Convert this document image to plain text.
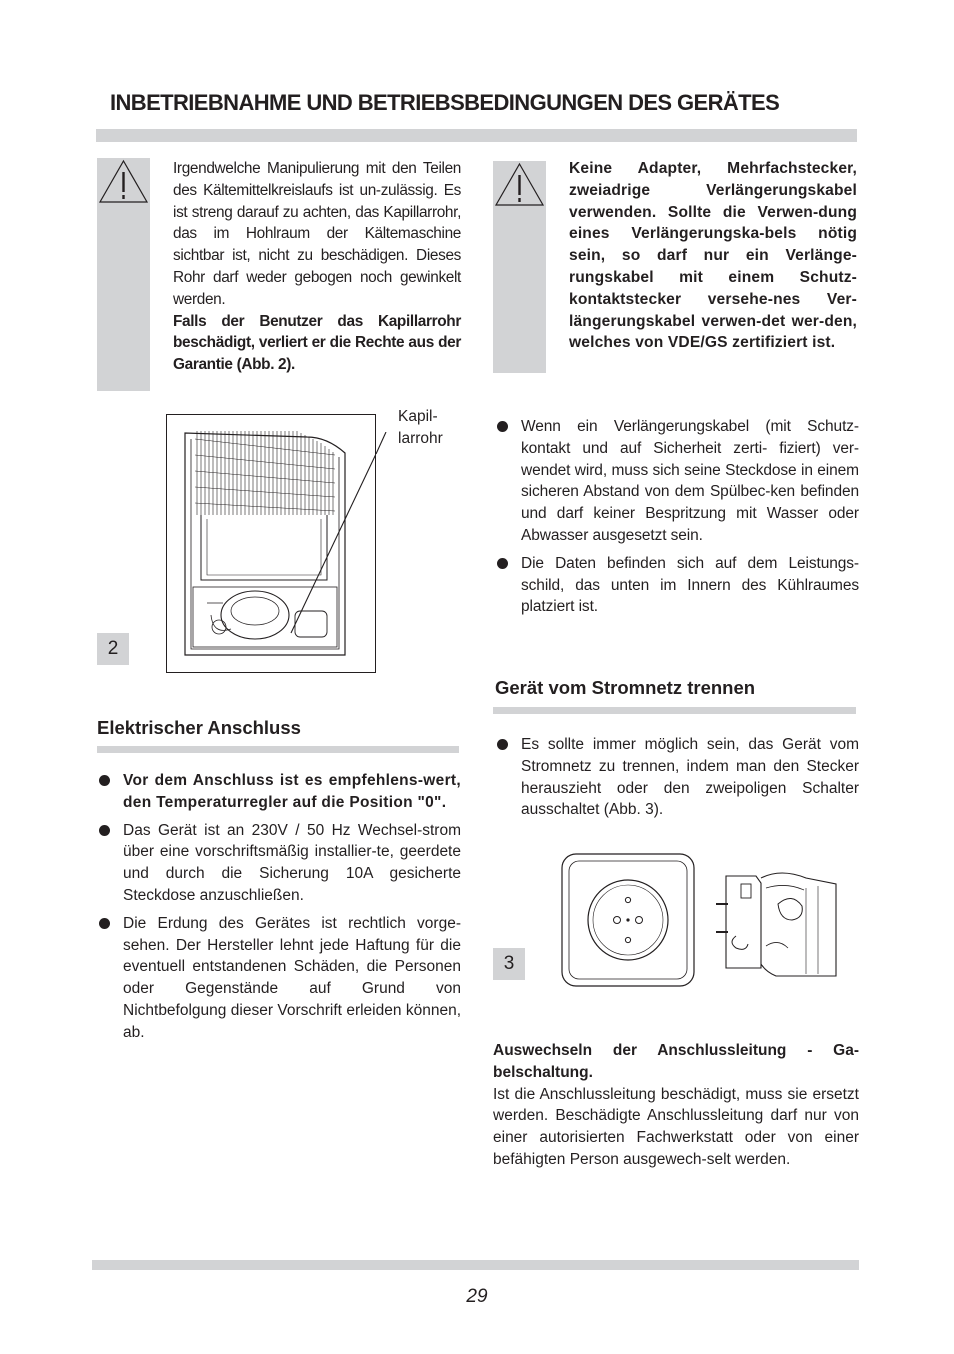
INBETRIEBNAHME UND BETRIEBSBEDINGUNGEN DES GERÄTES
Irgendwelche Manipulierung mit den Teilen des Kältemittelkreislaufs ist un-zulässig. Es ist streng darauf zu achten, das Kapillarrohr, das im Hohlraum der Kältemaschine sichtbar ist, nicht zu beschädigen. Dieses Rohr darf weder gebogen noch gewinkelt werden.
Falls der Benutzer das Kapillarrohr beschädigt, verliert er die Rechte aus der Garantie (Abb. 2).
Keine Adapter, Mehrfachstecker, zweiadrige Verlängerungskabel verwenden. Sollte die Verwen-dung eines Verlängerungska-bels nötig sein, so darf nur ein Verlänge- rungskabel mit einem Schutz-kontaktstecker versehe-nes Ver-längerungskabel verwen-det wer-den, welches von VDE/GS zertifiziert ist.
Kapil-
larrohr
2
Wenn ein Verlängerungskabel (mit Schutz-kontakt und auf Sicherheit zerti- fiziert) ver-wendet wird, muss sich seine Steckdose in einem sicheren Abstand von dem Spülbec-ken befinden und darf keiner Bespritzung mit Wasser oder Abwasser ausgesetzt sein.
Die Daten befinden sich auf dem Leistungs-schild, das unten im Innern des Kühlraumes platziert ist.
Gerät vom Stromnetz trennen
Es sollte immer möglich sein, das Gerät vom Stromnetz zu trennen, indem man den Stecker herauszieht oder den zweipoligen Schalter ausschaltet (Abb. 3).
3
Elektrischer Anschluss
Vor dem Anschluss ist es empfehlens-wert, den Temperaturregler auf die Position "0".
Das Gerät ist an 230V / 50 Hz Wechsel-strom über eine vorschriftsmäßig installier-te, geerdete und durch die Sicherung 10A gesicherte Steckdose anzuschließen.
Die Erdung des Gerätes ist rechtlich vorge-sehen. Der Hersteller lehnt jede Haftung für die eventuell entstandenen Schäden, die Personen oder Gegenstände auf Grund von Nichtbefolgung dieser Vorschrift erleiden können, ab.
Auswechseln der Anschlussleitung - Ga-belschaltung.
Ist die Anschlussleitung beschädigt, muss sie ersetzt werden. Beschädigte Anschlussleitung darf nur von einer autorisierten Fachwerkstatt oder von einer befähigten Person ausgewech-selt werden.
29
